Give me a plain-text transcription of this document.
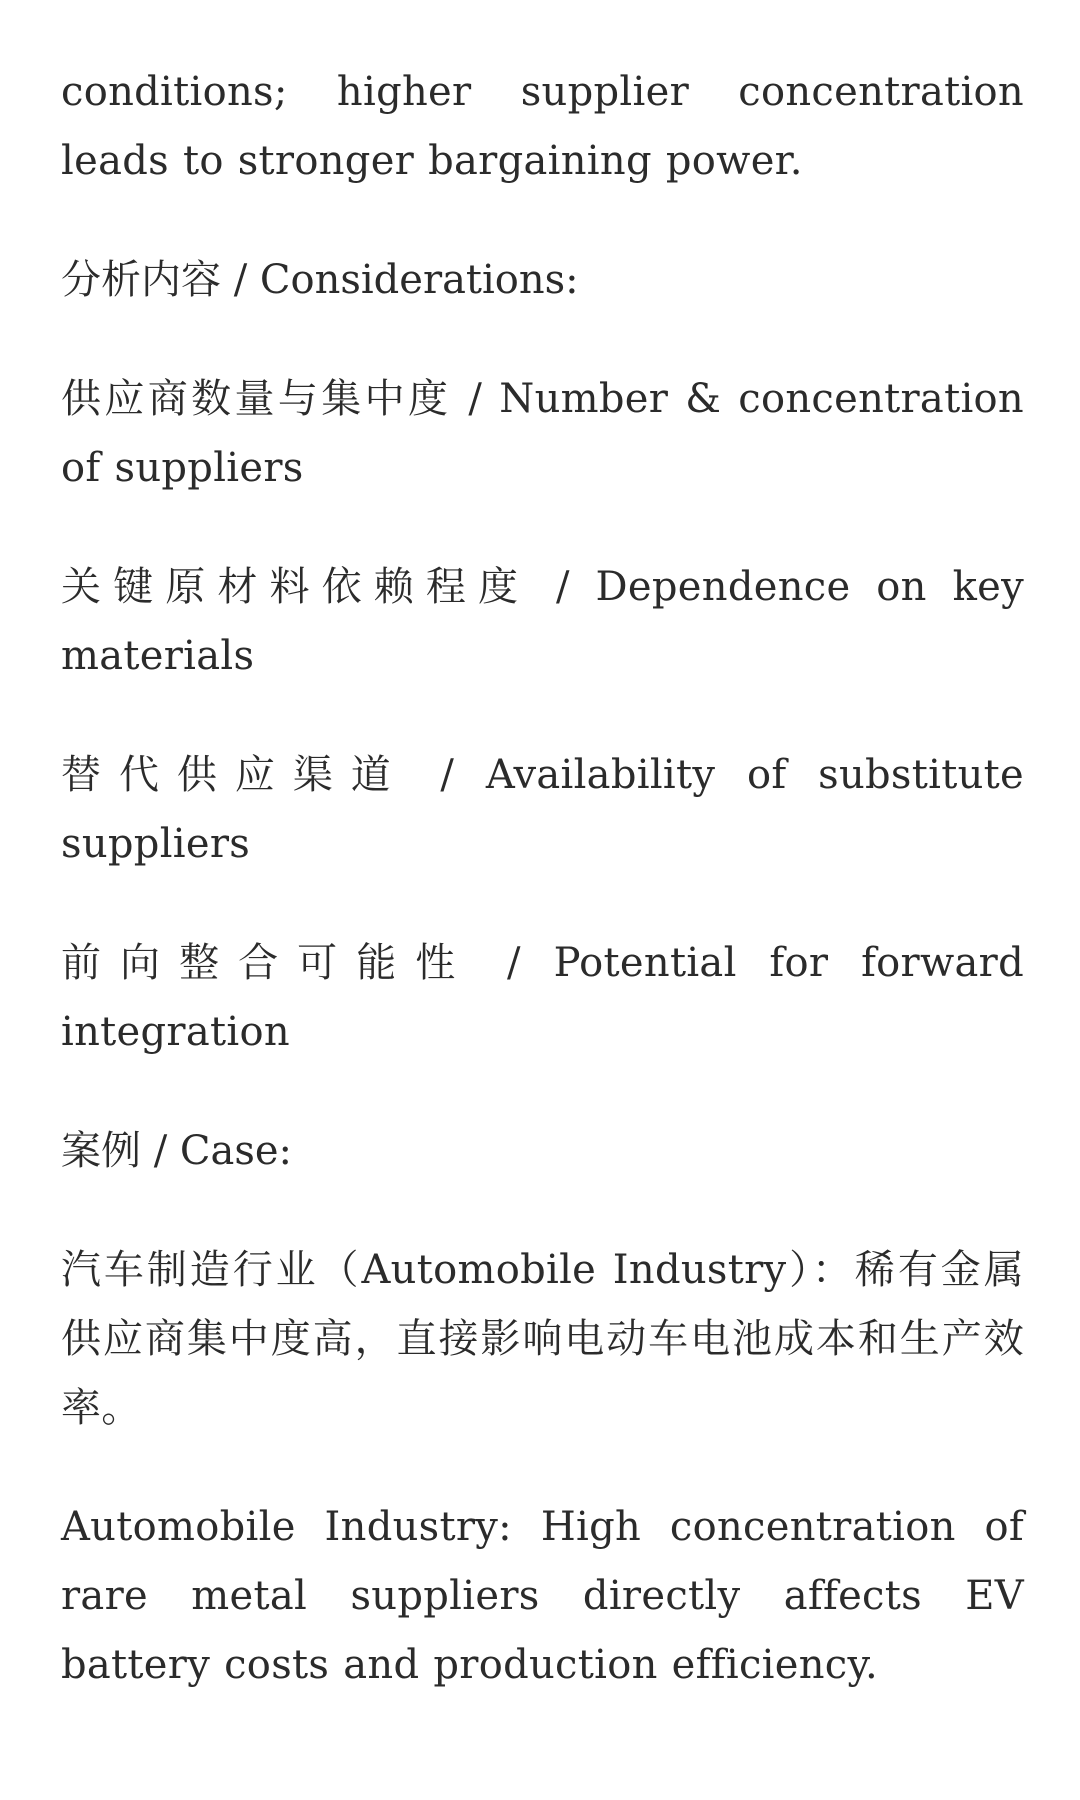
conditions; higher supplier concentration leads to stronger bargaining power.

分析内容 / Considerations:

供应商数量与集中度 / Number & concentration of suppliers

关键原材料依赖程度 / Dependence on key materials

替代供应渠道 / Availability of substitute suppliers

前向整合可能性 / Potential for forward integration

案例 / Case:

汽车制造行业（Automobile Industry）：稀有金属供应商集中度高，直接影响电动车电池成本和生产效率。

Automobile Industry: High concentration of rare metal suppliers directly affects EV battery costs and production efficiency.
